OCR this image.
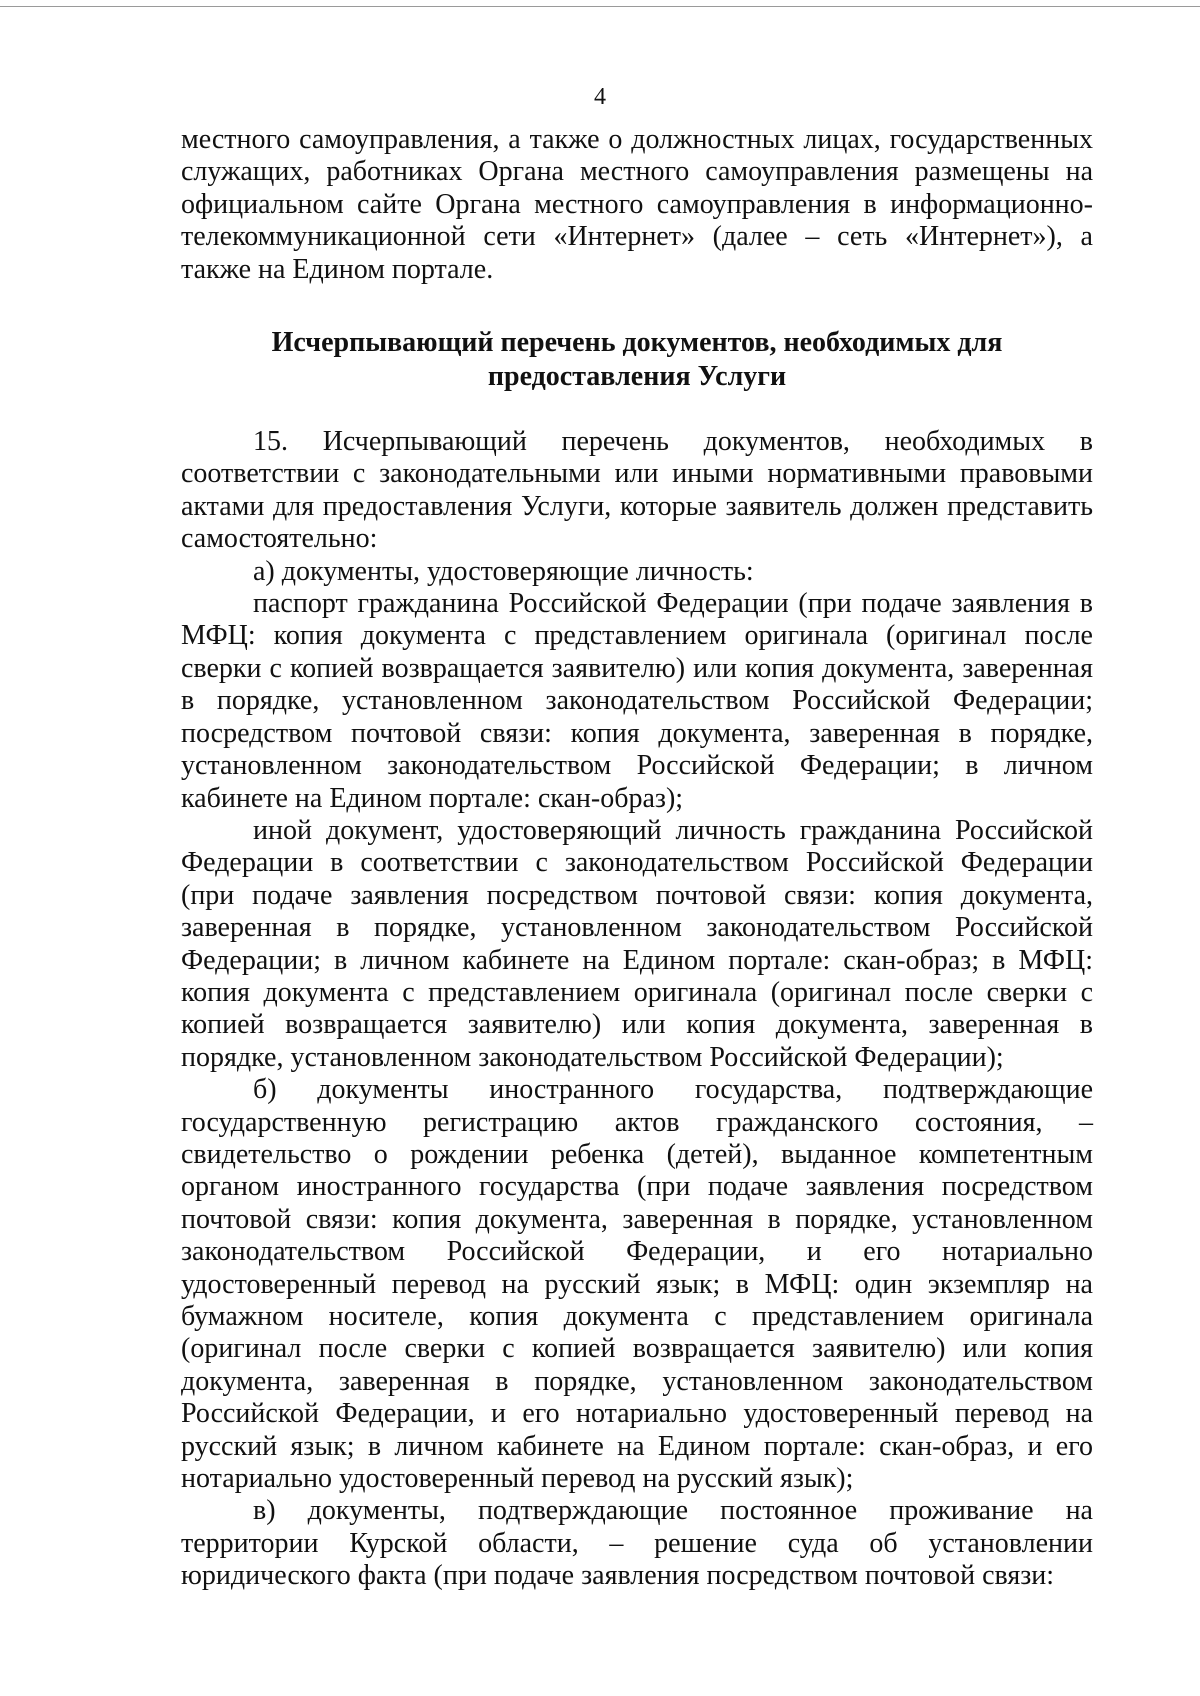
4

местного самоуправления, а также о должностных лицах, государственных служащих, работниках Органа местного самоуправления размещены на официальном сайте Органа местного самоуправления в информационно-телекоммуникационной сети «Интернет» (далее – сеть «Интернет»), а также на Едином портале.

Исчерпывающий перечень документов, необходимых для предоставления Услуги

15. Исчерпывающий перечень документов, необходимых в соответствии с законодательными или иными нормативными правовыми актами для предоставления Услуги, которые заявитель должен представить самостоятельно:

а) документы, удостоверяющие личность:

паспорт гражданина Российской Федерации (при подаче заявления в МФЦ: копия документа с представлением оригинала (оригинал после сверки с копией возвращается заявителю) или копия документа, заверенная в порядке, установленном законодательством Российской Федерации; посредством почтовой связи: копия документа, заверенная в порядке, установленном законодательством Российской Федерации; в личном кабинете на Едином портале: скан-образ);

иной документ, удостоверяющий личность гражданина Российской Федерации в соответствии с законодательством Российской Федерации (при подаче заявления посредством почтовой связи: копия документа, заверенная в порядке, установленном законодательством Российской Федерации; в личном кабинете на Едином портале: скан-образ; в МФЦ: копия документа с представлением оригинала (оригинал после сверки с копией возвращается заявителю) или копия документа, заверенная в порядке, установленном законодательством Российской Федерации);

б) документы иностранного государства, подтверждающие государственную регистрацию актов гражданского состояния, – свидетельство о рождении ребенка (детей), выданное компетентным органом иностранного государства (при подаче заявления посредством почтовой связи: копия документа, заверенная в порядке, установленном законодательством Российской Федерации, и его нотариально удостоверенный перевод на русский язык; в МФЦ: один экземпляр на бумажном носителе, копия документа с представлением оригинала (оригинал после сверки с копией возвращается заявителю) или копия документа, заверенная в порядке, установленном законодательством Российской Федерации, и его нотариально удостоверенный перевод на русский язык; в личном кабинете на Едином портале: скан-образ, и его нотариально удостоверенный перевод на русский язык);

в) документы, подтверждающие постоянное проживание на территории Курской области, – решение суда об установлении юридического факта (при подаче заявления посредством почтовой связи:
